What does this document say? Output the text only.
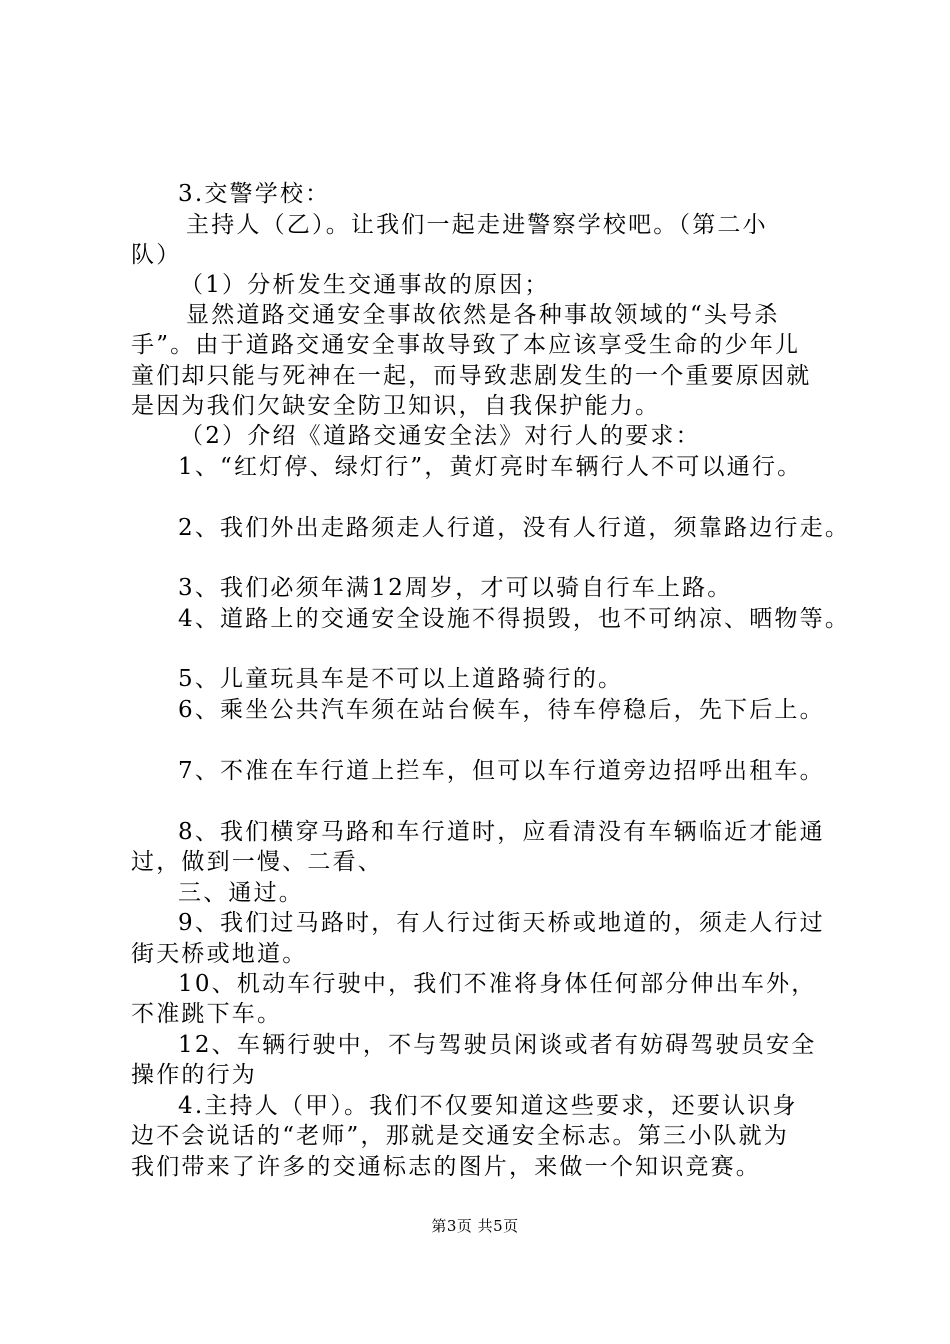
3.交警学校：
主持人（乙）。让我们一起走进警察学校吧。（第二小
队）
（1）分析发生交通事故的原因；
显然道路交通安全事故依然是各种事故领域的“头号杀
手”。由于道路交通安全事故导致了本应该享受生命的少年儿
童们却只能与死神在一起，而导致悲剧发生的一个重要原因就
是因为我们欠缺安全防卫知识，自我保护能力。
（2）介绍《道路交通安全法》对行人的要求：
1、“红灯停、绿灯行”，黄灯亮时车辆行人不可以通行。
2、我们外出走路须走人行道，没有人行道，须靠路边行走。
3、我们必须年满12周岁，才可以骑自行车上路。
4、道路上的交通安全设施不得损毁，也不可纳凉、晒物等。
5、儿童玩具车是不可以上道路骑行的。
6、乘坐公共汽车须在站台候车，待车停稳后，先下后上。
7、不准在车行道上拦车，但可以车行道旁边招呼出租车。
8、我们横穿马路和车行道时，应看清没有车辆临近才能通
过，做到一慢、二看、
三、通过。
9、我们过马路时，有人行过街天桥或地道的，须走人行过
街天桥或地道。
10、机动车行驶中，我们不准将身体任何部分伸出车外，
不准跳下车。
12、车辆行驶中，不与驾驶员闲谈或者有妨碍驾驶员安全
操作的行为
4.主持人（甲）。我们不仅要知道这些要求，还要认识身
边不会说话的“老师”，那就是交通安全标志。第三小队就为
我们带来了许多的交通标志的图片，来做一个知识竞赛。
第3页 共5页
